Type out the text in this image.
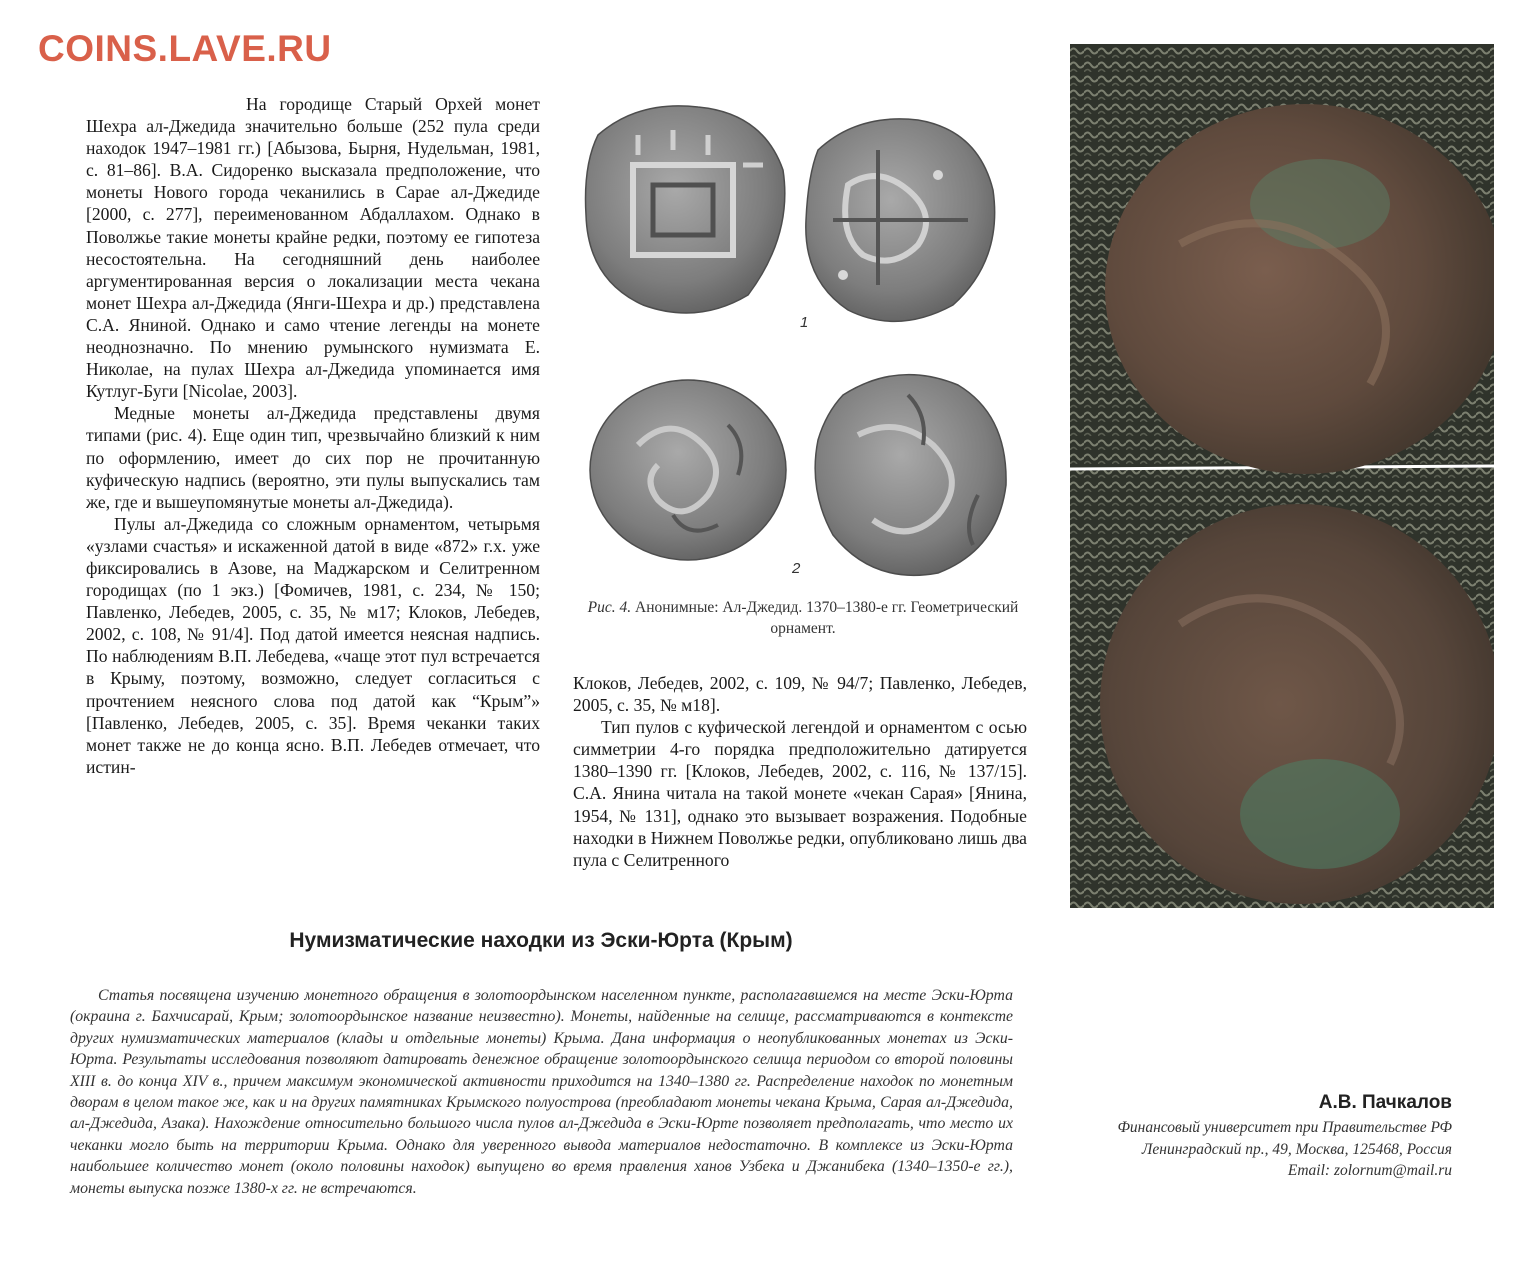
COINS.LAVE.RU

На городище Старый Орхей монет Шехра ал-Джедида значительно больше (252 пула среди находок 1947–1981 гг.) [Абызова, Бырня, Нудельман, 1981, с. 81–86]. В.А. Сидоренко высказала предположение, что монеты Нового города чеканились в Сарае ал-Джедиде [2000, с. 277], переименованном Абдаллахом. Однако в Поволжье такие монеты крайне редки, поэтому ее гипотеза несостоятельна. На сегодняшний день наиболее аргументированная версия о локализации места чекана монет Шехра ал-Джедида (Янги-Шехра и др.) представлена С.А. Яниной. Однако и само чтение легенды на монете неоднозначно. По мнению румынского нумизмата Е. Николае, на пулах Шехра ал-Джедида упоминается имя Кутлуг-Буги [Nicolae, 2003].

Медные монеты ал-Джедида представлены двумя типами (рис. 4). Еще один тип, чрезвычайно близкий к ним по оформлению, имеет до сих пор не прочитанную куфическую надпись (вероятно, эти пулы выпускались там же, где и вышеупомянутые монеты ал-Джедида).

Пулы ал-Джедида со сложным орнаментом, четырьмя «узлами счастья» и искаженной датой в виде «872» г.х. уже фиксировались в Азове, на Маджарском и Селитренном городищах (по 1 экз.) [Фомичев, 1981, с. 234, № 150; Павленко, Лебедев, 2005, с. 35, № м17; Клоков, Лебедев, 2002, с. 108, № 91/4]. Под датой имеется неясная надпись. По наблюдениям В.П. Лебедева, «чаще этот пул встречается в Крыму, поэтому, возможно, следует согласиться с прочтением неясного слова под датой как “Крым”» [Павленко, Лебедев, 2005, с. 35]. Время чеканки таких монет также не до конца ясно. В.П. Лебедев отмечает, что истин-

1
2
Рис. 4. Анонимные: Ал-Джедид. 1370–1380-е гг. Геометрический орнамент.

Клоков, Лебедев, 2002, с. 109, № 94/7; Павленко, Лебедев, 2005, с. 35, № м18].

Тип пулов с куфической легендой и орнаментом с осью симметрии 4-го порядка предположительно датируется 1380–1390 гг. [Клоков, Лебедев, 2002, с. 116, № 137/15]. С.А. Янина читала на такой монете «чекан Сарая» [Янина, 1954, № 131], однако это вызывает возражения. Подобные находки в Нижнем Поволжье редки, опубликовано лишь два пула с Селитренного

Нумизматические находки из Эски-Юрта (Крым)
Статья посвящена изучению монетного обращения в золотоордынском населенном пункте, располагавшемся на месте Эски-Юрта (окраина г. Бахчисарай, Крым; золотоордынское название неизвестно). Монеты, найденные на селище, рассматриваются в контексте других нумизматических материалов (клады и отдельные монеты) Крыма. Дана информация о неопубликованных монетах из Эски-Юрта. Результаты исследования позволяют датировать денежное обращение золотоордынского селища периодом со второй половины XIII в. до конца XIV в., причем максимум экономической активности приходится на 1340–1380 гг. Распределение находок по монетным дворам в целом такое же, как и на других памятниках Крымского полуострова (преобладают монеты чекана Крыма, Сарая ал-Джедида, ал-Джедида, Азака). Нахождение относительно большого числа пулов ал-Джедида в Эски-Юрте позволяет предполагать, что место их чеканки могло быть на территории Крыма. Однако для уверенного вывода материалов недостаточно. В комплексе из Эски-Юрта наибольшее количество монет (около половины находок) выпущено во время правления ханов Узбека и Джанибека (1340–1350-е гг.), монеты выпуска позже 1380-х гг. не встречаются.
А.В. Пачкалов
Финансовый университет при Правительстве РФ
Ленинградский пр., 49, Москва, 125468, Россия
Email: zolornum@mail.ru
